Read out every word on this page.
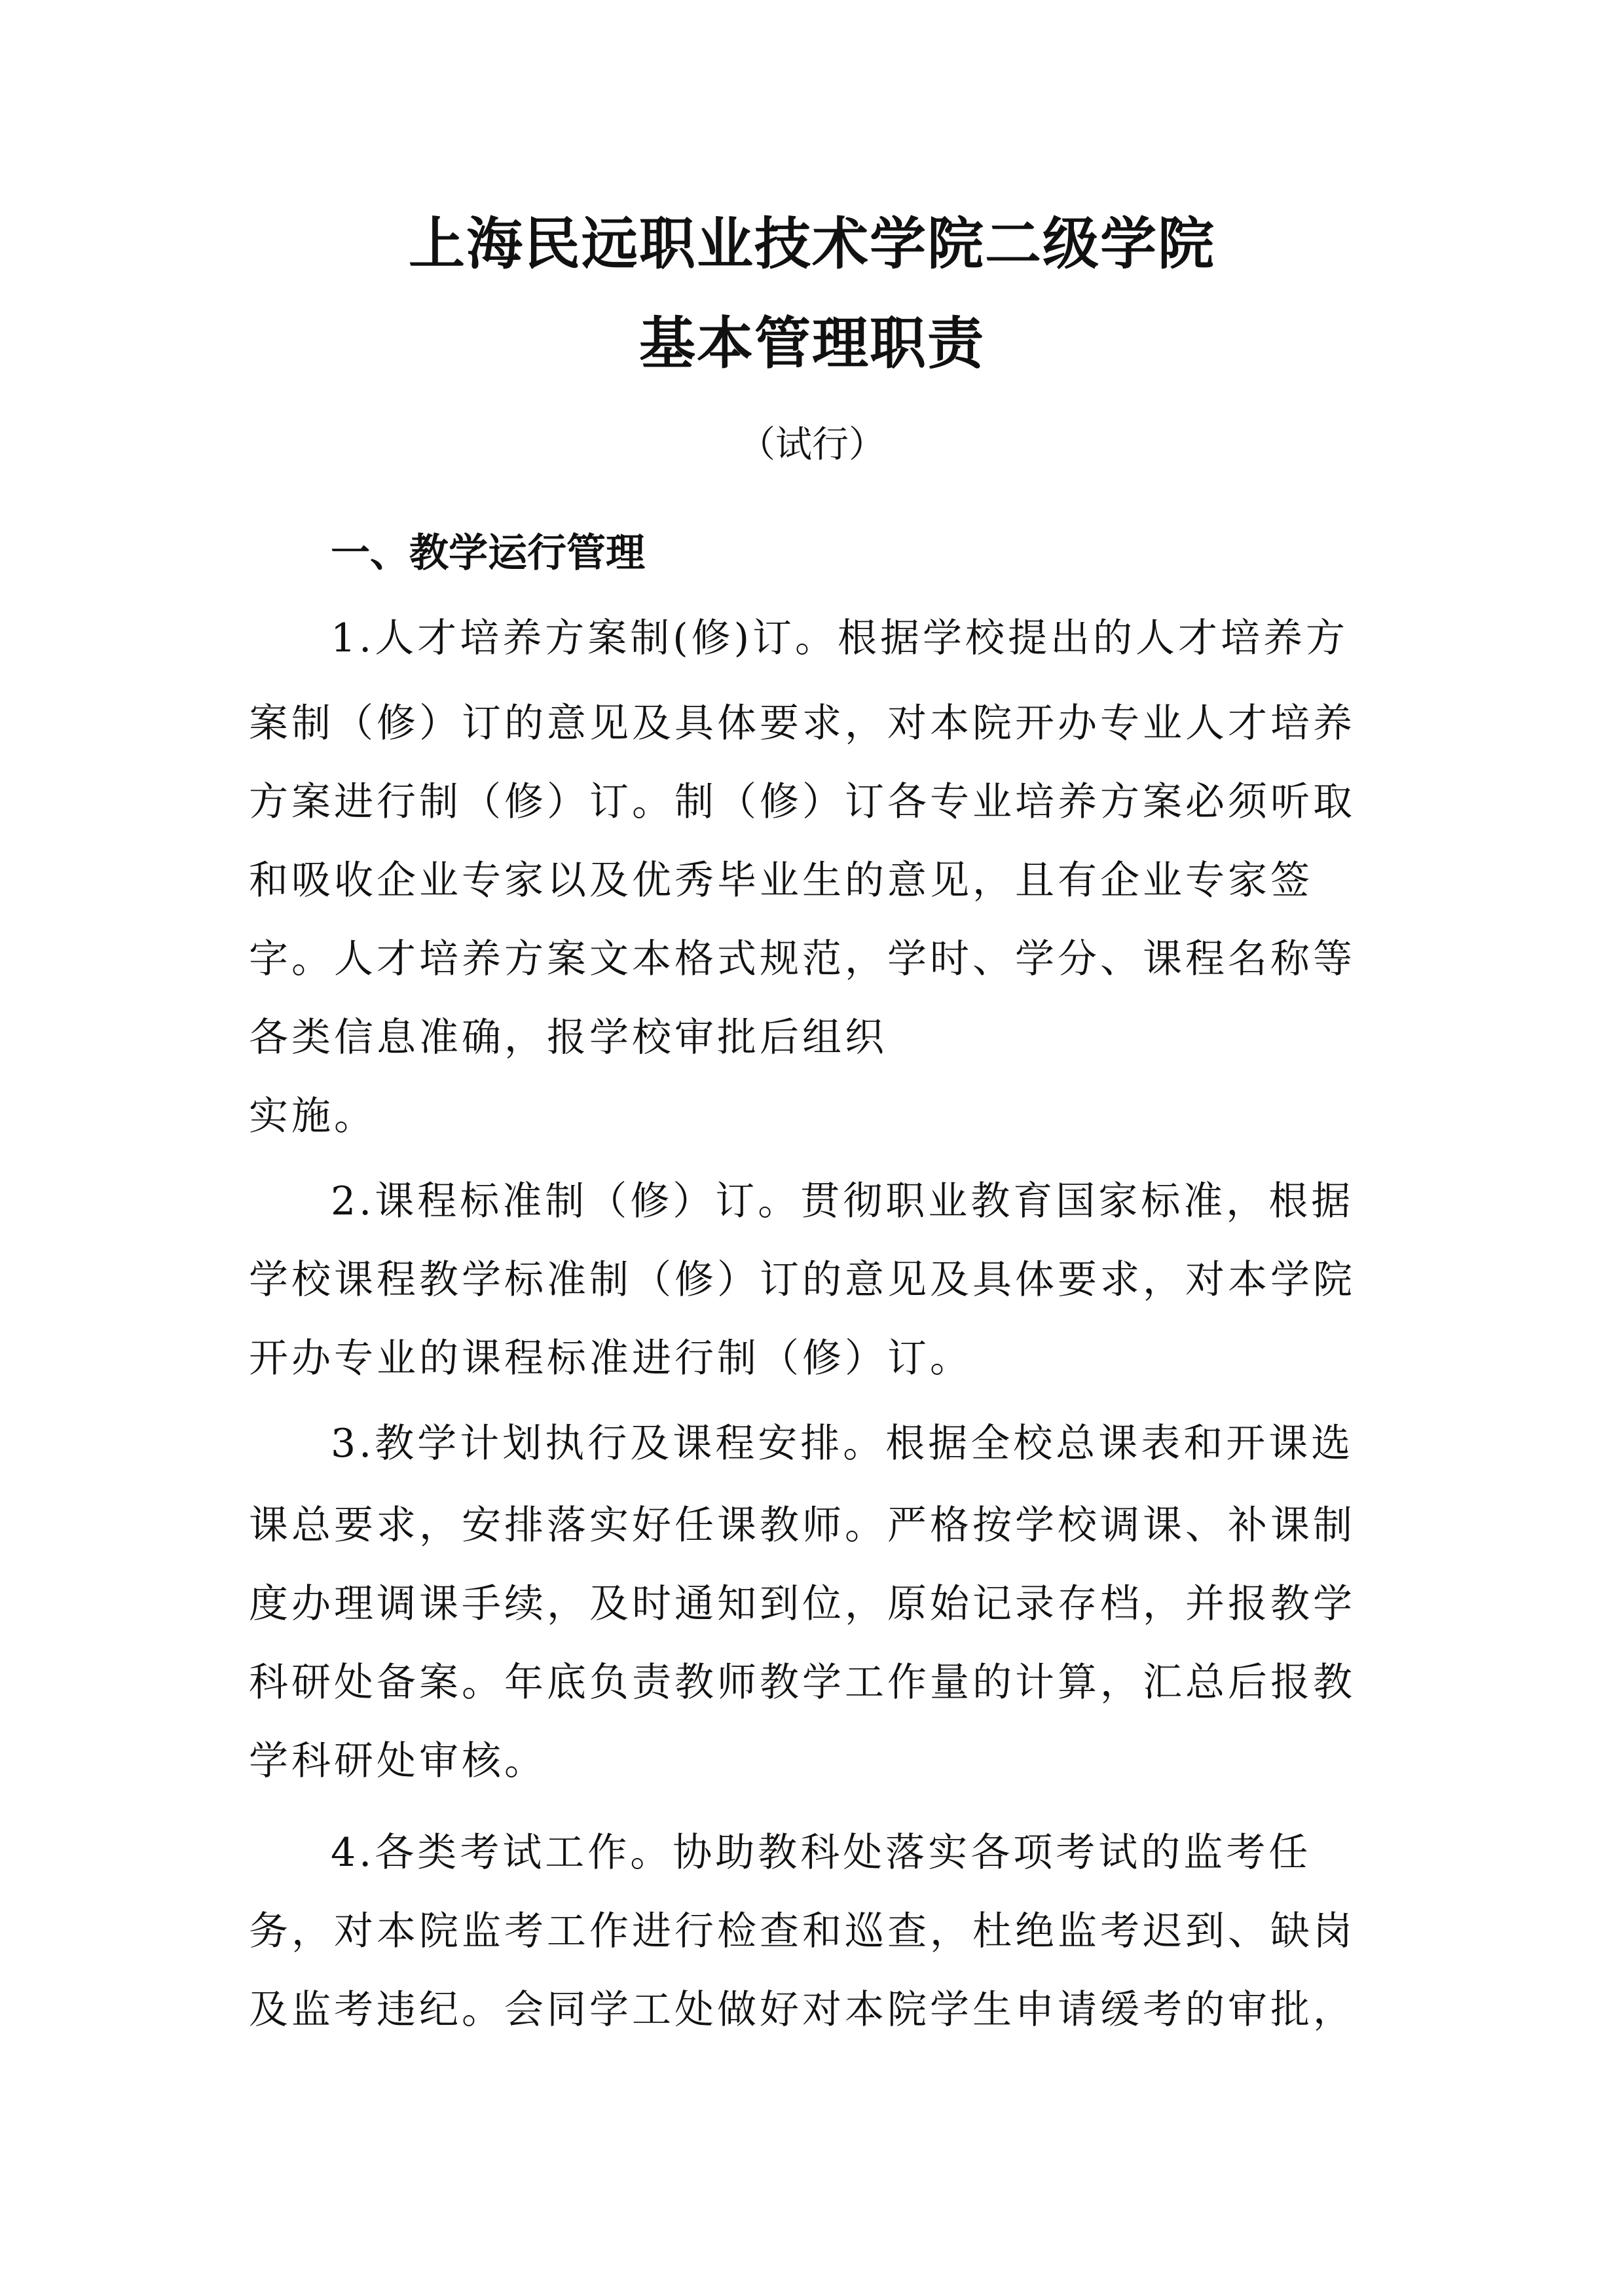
上海民远职业技术学院二级学院
基本管理职责
（试行）
一、教学运行管理
1.人才培养方案制(修)订。根据学校提出的人才培养方
案制（修）订的意见及具体要求，对本院开办专业人才培养
方案进行制（修）订。制（修）订各专业培养方案必须听取
和吸收企业专家以及优秀毕业生的意见，且有企业专家签
字。人才培养方案文本格式规范，学时、学分、课程名称等
各类信息准确，报学校审批后组织
实施。
2.课程标准制（修）订。贯彻职业教育国家标准，根据
学校课程教学标准制（修）订的意见及具体要求，对本学院
开办专业的课程标准进行制（修）订。
3.教学计划执行及课程安排。根据全校总课表和开课选
课总要求，安排落实好任课教师。严格按学校调课、补课制
度办理调课手续，及时通知到位，原始记录存档，并报教学
科研处备案。年底负责教师教学工作量的计算，汇总后报教
学科研处审核。
4.各类考试工作。协助教科处落实各项考试的监考任
务，对本院监考工作进行检查和巡查，杜绝监考迟到、缺岗
及监考违纪。会同学工处做好对本院学生申请缓考的审批，
